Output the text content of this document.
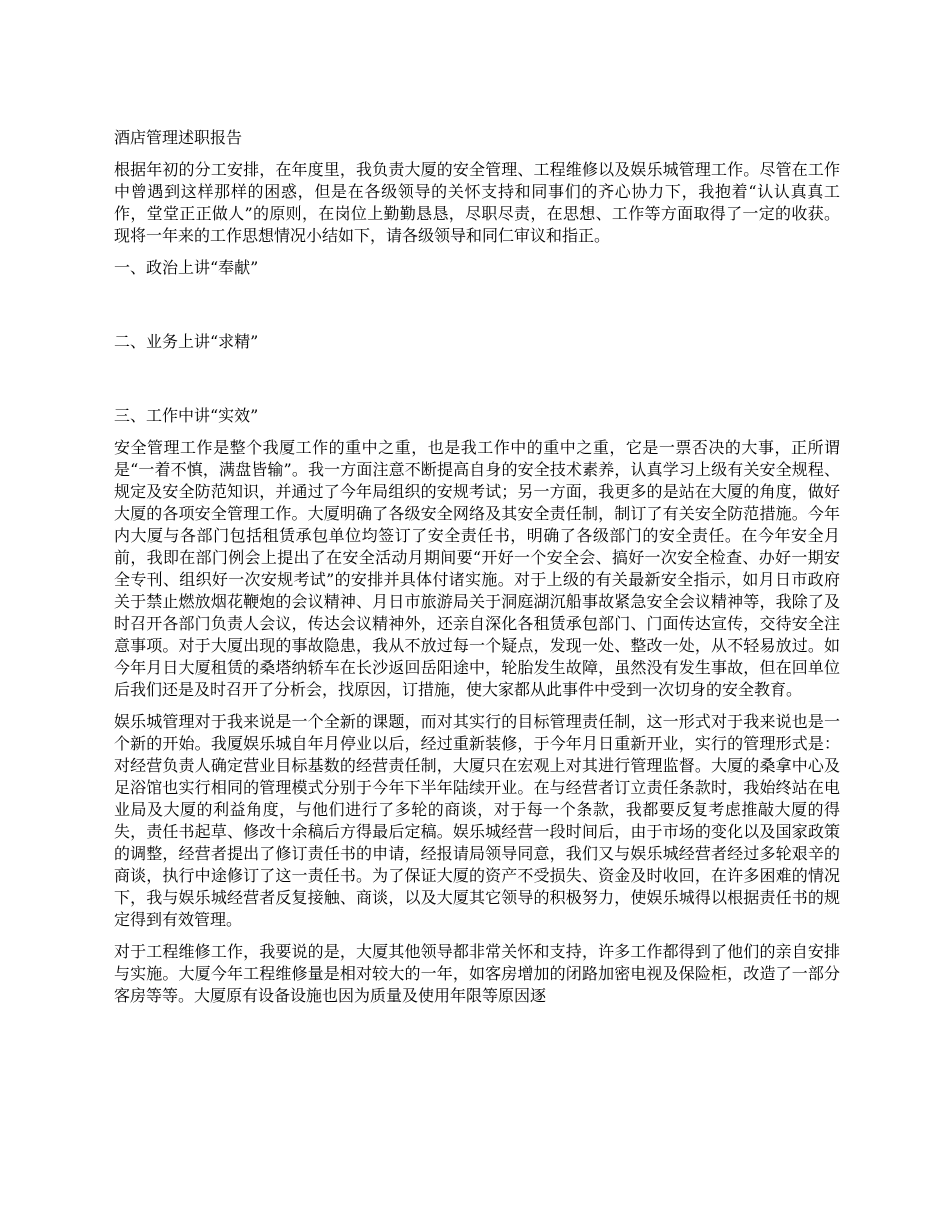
酒店管理述职报告

根据年初的分工安排，在年度里，我负责大厦的安全管理、工程维修以及娱乐城管理工作。尽管在工作中曾遇到这样那样的困惑，但是在各级领导的关怀支持和同事们的齐心协力下，我抱着“认认真真工作，堂堂正正做人”的原则，在岗位上勤勤恳恳，尽职尽责，在思想、工作等方面取得了一定的收获。现将一年来的工作思想情况小结如下，请各级领导和同仁审议和指正。

一、政治上讲“奉献”
二、业务上讲“求精”
三、工作中讲“实效”

安全管理工作是整个我厦工作的重中之重，也是我工作中的重中之重，它是一票否决的大事，正所谓是“一着不慎，满盘皆输”。我一方面注意不断提高自身的安全技术素养，认真学习上级有关安全规程、规定及安全防范知识，并通过了今年局组织的安规考试；另一方面，我更多的是站在大厦的角度，做好大厦的各项安全管理工作。大厦明确了各级安全网络及其安全责任制，制订了有关安全防范措施。今年内大厦与各部门包括租赁承包单位均签订了安全责任书，明确了各级部门的安全责任。在今年安全月前，我即在部门例会上提出了在安全活动月期间要“开好一个安全会、搞好一次安全检查、办好一期安全专刊、组织好一次安规考试”的安排并具体付诸实施。对于上级的有关最新安全指示，如月日市政府关于禁止燃放烟花鞭炮的会议精神、月日市旅游局关于洞庭湖沉船事故紧急安全会议精神等，我除了及时召开各部门负责人会议，传达会议精神外，还亲自深化各租赁承包部门、门面传达宣传，交待安全注意事项。对于大厦出现的事故隐患，我从不放过每一个疑点，发现一处、整改一处，从不轻易放过。如今年月日大厦租赁的桑塔纳轿车在长沙返回岳阳途中，轮胎发生故障，虽然没有发生事故，但在回单位后我们还是及时召开了分析会，找原因，订措施，使大家都从此事件中受到一次切身的安全教育。

娱乐城管理对于我来说是一个全新的课题，而对其实行的目标管理责任制，这一形式对于我来说也是一个新的开始。我厦娱乐城自年月停业以后，经过重新装修，于今年月日重新开业，实行的管理形式是：对经营负责人确定营业目标基数的经营责任制，大厦只在宏观上对其进行管理监督。大厦的桑拿中心及足浴馆也实行相同的管理模式分别于今年下半年陆续开业。在与经营者订立责任条款时，我始终站在电业局及大厦的利益角度，与他们进行了多轮的商谈，对于每一个条款，我都要反复考虑推敲大厦的得失，责任书起草、修改十余稿后方得最后定稿。娱乐城经营一段时间后，由于市场的变化以及国家政策的调整，经营者提出了修订责任书的申请，经报请局领导同意，我们又与娱乐城经营者经过多轮艰辛的商谈，执行中途修订了这一责任书。为了保证大厦的资产不受损失、资金及时收回，在许多困难的情况下，我与娱乐城经营者反复接触、商谈，以及大厦其它领导的积极努力，使娱乐城得以根据责任书的规定得到有效管理。

对于工程维修工作，我要说的是，大厦其他领导都非常关怀和支持，许多工作都得到了他们的亲自安排与实施。大厦今年工程维修量是相对较大的一年，如客房增加的闭路加密电视及保险柜，改造了一部分客房等等。大厦原有设备设施也因为质量及使用年限等原因逐
